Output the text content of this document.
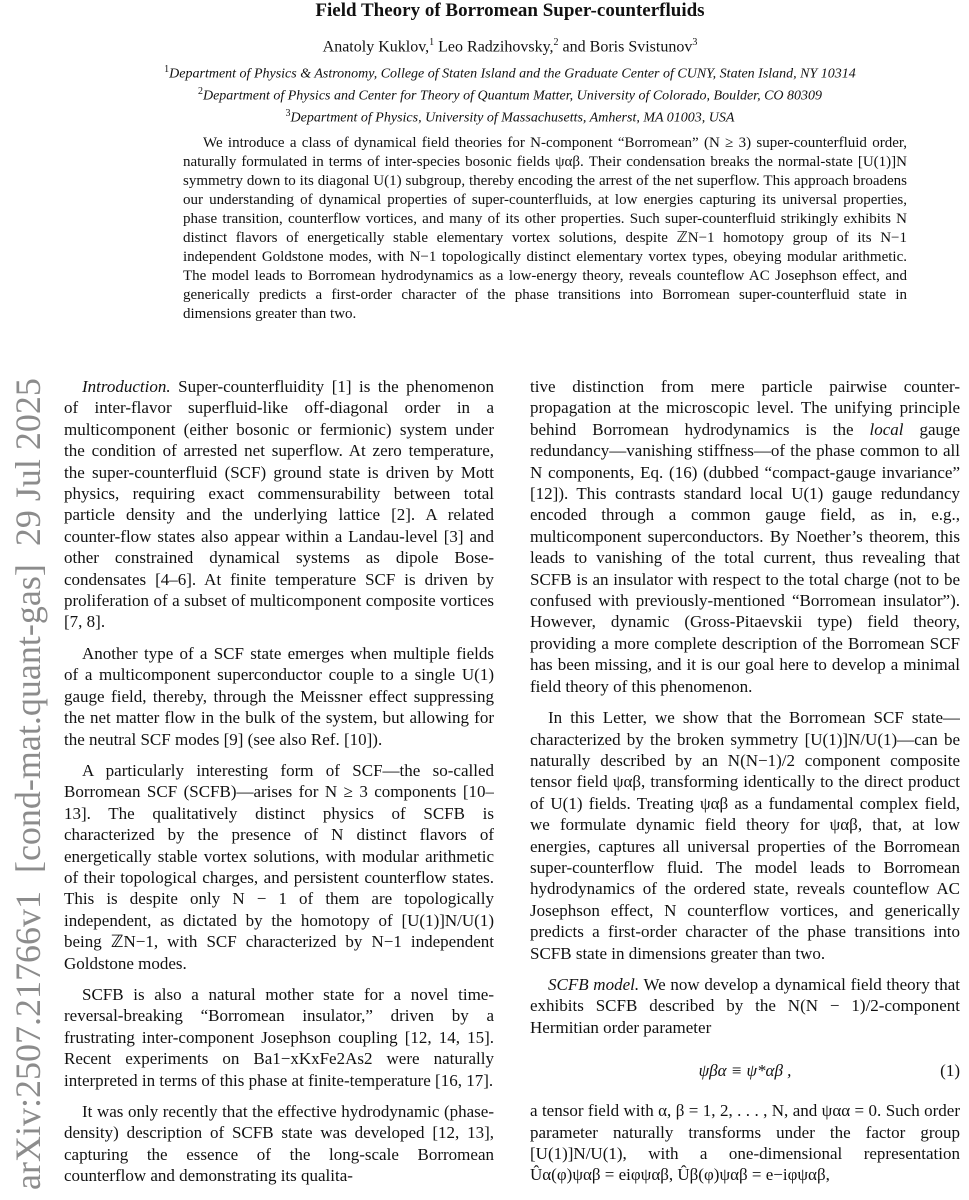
arXiv:2507.21766v1  [cond-mat.quant-gas]  29 Jul 2025
Field Theory of Borromean Super-counterfluids
Anatoly Kuklov,$^1$ Leo Radzihovsky,$^2$ and Boris Svistunov$^3$
$^1$Department of Physics & Astronomy, College of Staten Island and the Graduate Center of CUNY, Staten Island, NY 10314
$^2$Department of Physics and Center for Theory of Quantum Matter, University of Colorado, Boulder, CO 80309
$^3$Department of Physics, University of Massachusetts, Amherst, MA 01003, USA
We introduce a class of dynamical field theories for N-component “Borromean” (N ≥ 3) super-counterfluid order, naturally formulated in terms of inter-species bosonic fields ψαβ. Their condensation breaks the normal-state [U(1)]N symmetry down to its diagonal U(1) subgroup, thereby encoding the arrest of the net superflow. This approach broadens our understanding of dynamical properties of super-counterfluids, at low energies capturing its universal properties, phase transition, counterflow vortices, and many of its other properties. Such super-counterfluid strikingly exhibits N distinct flavors of energetically stable elementary vortex solutions, despite ℤN−1 homotopy group of its N−1 independent Goldstone modes, with N−1 topologically distinct elementary vortex types, obeying modular arithmetic. The model leads to Borromean hydrodynamics as a low-energy theory, reveals counteflow AC Josephson effect, and generically predicts a first-order character of the phase transitions into Borromean super-counterfluid state in dimensions greater than two.

Introduction. Super-counterfluidity [1] is the phenomenon of inter-flavor superfluid-like off-diagonal order in a multicomponent (either bosonic or fermionic) system under the condition of arrested net superflow. At zero temperature, the super-counterfluid (SCF) ground state is driven by Mott physics, requiring exact commensurability between total particle density and the underlying lattice [2]. A related counter-flow states also appear within a Landau-level [3] and other constrained dynamical systems as dipole Bose-condensates [4–6]. At finite temperature SCF is driven by proliferation of a subset of multicomponent composite vortices [7, 8].

Another type of a SCF state emerges when multiple fields of a multicomponent superconductor couple to a single U(1) gauge field, thereby, through the Meissner effect suppressing the net matter flow in the bulk of the system, but allowing for the neutral SCF modes [9] (see also Ref. [10]).

A particularly interesting form of SCF—the so-called Borromean SCF (SCFB)—arises for N ≥ 3 components [10–13]. The qualitatively distinct physics of SCFB is characterized by the presence of N distinct flavors of energetically stable vortex solutions, with modular arithmetic of their topological charges, and persistent counterflow states. This is despite only N − 1 of them are topologically independent, as dictated by the homotopy of [U(1)]N/U(1) being ℤN−1, with SCF characterized by N−1 independent Goldstone modes.

SCFB is also a natural mother state for a novel time-reversal-breaking “Borromean insulator,” driven by a frustrating inter-component Josephson coupling [12, 14, 15]. Recent experiments on Ba1−xKxFe2As2 were naturally interpreted in terms of this phase at finite-temperature [16, 17].

It was only recently that the effective hydrodynamic (phase-density) description of SCFB state was developed [12, 13], capturing the essence of the long-scale Borromean counterflow and demonstrating its qualita-

tive distinction from mere particle pairwise counter-propagation at the microscopic level. The unifying principle behind Borromean hydrodynamics is the local gauge redundancy—vanishing stiffness—of the phase common to all N components, Eq. (16) (dubbed “compact-gauge invariance” [12]). This contrasts standard local U(1) gauge redundancy encoded through a common gauge field, as in, e.g., multicomponent superconductors. By Noether’s theorem, this leads to vanishing of the total current, thus revealing that SCFB is an insulator with respect to the total charge (not to be confused with previously-mentioned “Borromean insulator”). However, dynamic (Gross-Pitaevskii type) field theory, providing a more complete description of the Borromean SCF has been missing, and it is our goal here to develop a minimal field theory of this phenomenon.

In this Letter, we show that the Borromean SCF state—characterized by the broken symmetry [U(1)]N/U(1)—can be naturally described by an N(N−1)/2 component composite tensor field ψαβ, transforming identically to the direct product of U(1) fields. Treating ψαβ as a fundamental complex field, we formulate dynamic field theory for ψαβ, that, at low energies, captures all universal properties of the Borromean super-counterflow fluid. The model leads to Borromean hydrodynamics of the ordered state, reveals counteflow AC Josephson effect, N counterflow vortices, and generically predicts a first-order character of the phase transitions into SCFB state in dimensions greater than two.

SCFB model. We now develop a dynamical field theory that exhibits SCFB described by the N(N − 1)/2-component Hermitian order parameter

ψβα ≡ ψ*αβ ,	(1)

a tensor field with α, β = 1, 2, . . . , N, and ψαα = 0. Such order parameter naturally transforms under the factor group [U(1)]N/U(1), with a one-dimensional representation Ûα(φ)ψαβ = eiφψαβ, Ûβ(φ)ψαβ = e−iφψαβ,
